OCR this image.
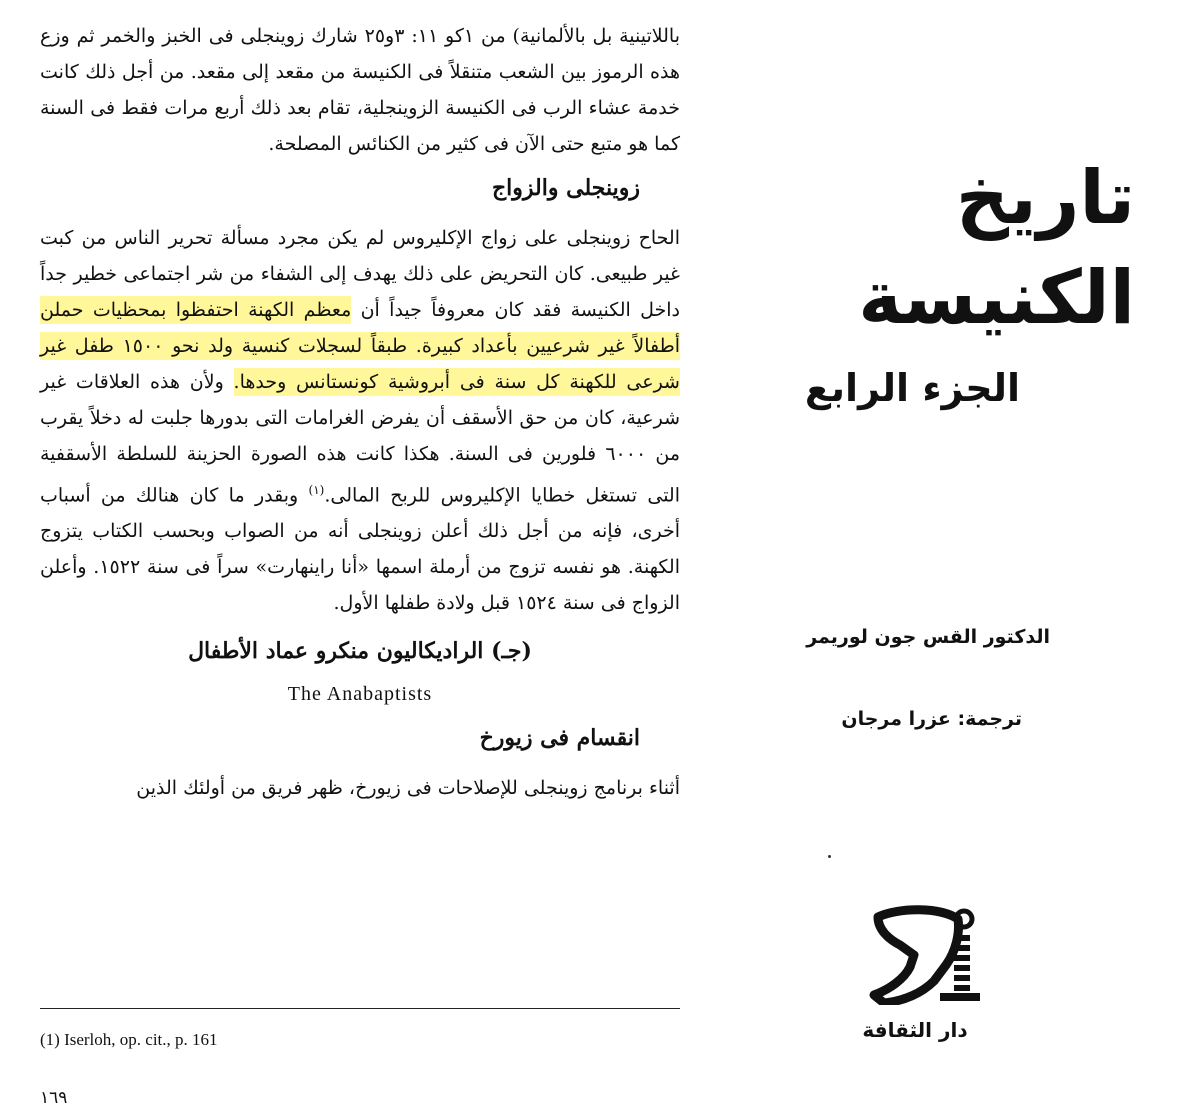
باللاتينية بل بالألمانية) من ١كو ١١: ٣و٢٥ شارك زوينجلى فى الخبز والخمر ثم وزع هذه الرموز بين الشعب متنقلاً فى الكنيسة من مقعد إلى مقعد. من أجل ذلك كانت خدمة عشاء الرب فى الكنيسة الزوينجلية، تقام بعد ذلك أربع مرات فقط فى السنة كما هو متبع حتى الآن فى كثير من الكنائس المصلحة.

زوينجلى والزواج

الحاح زوينجلى على زواج الإكليروس لم يكن مجرد مسألة تحرير الناس من كبت غير طبيعى. كان التحريض على ذلك يهدف إلى الشفاء من شر اجتماعى خطير جداً داخل الكنيسة فقد كان معروفاً جيداً أن معظم الكهنة احتفظوا بمحظيات حملن أطفالاً غير شرعيين بأعداد كبيرة. طبقاً لسجلات كنسية ولد نحو ١٥٠٠ طفل غير شرعى للكهنة كل سنة فى أبروشية كونستانس وحدها. ولأن هذه العلاقات غير شرعية، كان من حق الأسقف أن يفرض الغرامات التى بدورها جلبت له دخلاً يقرب من ٦٠٠٠ فلورين فى السنة. هكذا كانت هذه الصورة الحزينة للسلطة الأسقفية التى تستغل خطايا الإكليروس للربح المالى.$^{(١)}$ وبقدر ما كان هنالك من أسباب أخرى، فإنه من أجل ذلك أعلن زوينجلى أنه من الصواب وبحسب الكتاب يتزوج الكهنة. هو نفسه تزوج من أرملة اسمها «أنا راينهارت» سراً فى سنة ١٥٢٢. وأعلن الزواج فى سنة ١٥٢٤ قبل ولادة طفلها الأول.

(جـ) الراديكاليون منكرو عماد الأطفال
The Anabaptists
انقسام فى زيورخ

أثناء برنامج زوينجلى للإصلاحات فى زيورخ، ظهر فريق من أولئك الذين

(1) Iserloh, op. cit., p. 161
١٦٩
تاريخ الكنيسة
الجزء الرابع
الدكتور القس جون لوريمر
ترجمة: عزرا مرجان
دار الثقافة
